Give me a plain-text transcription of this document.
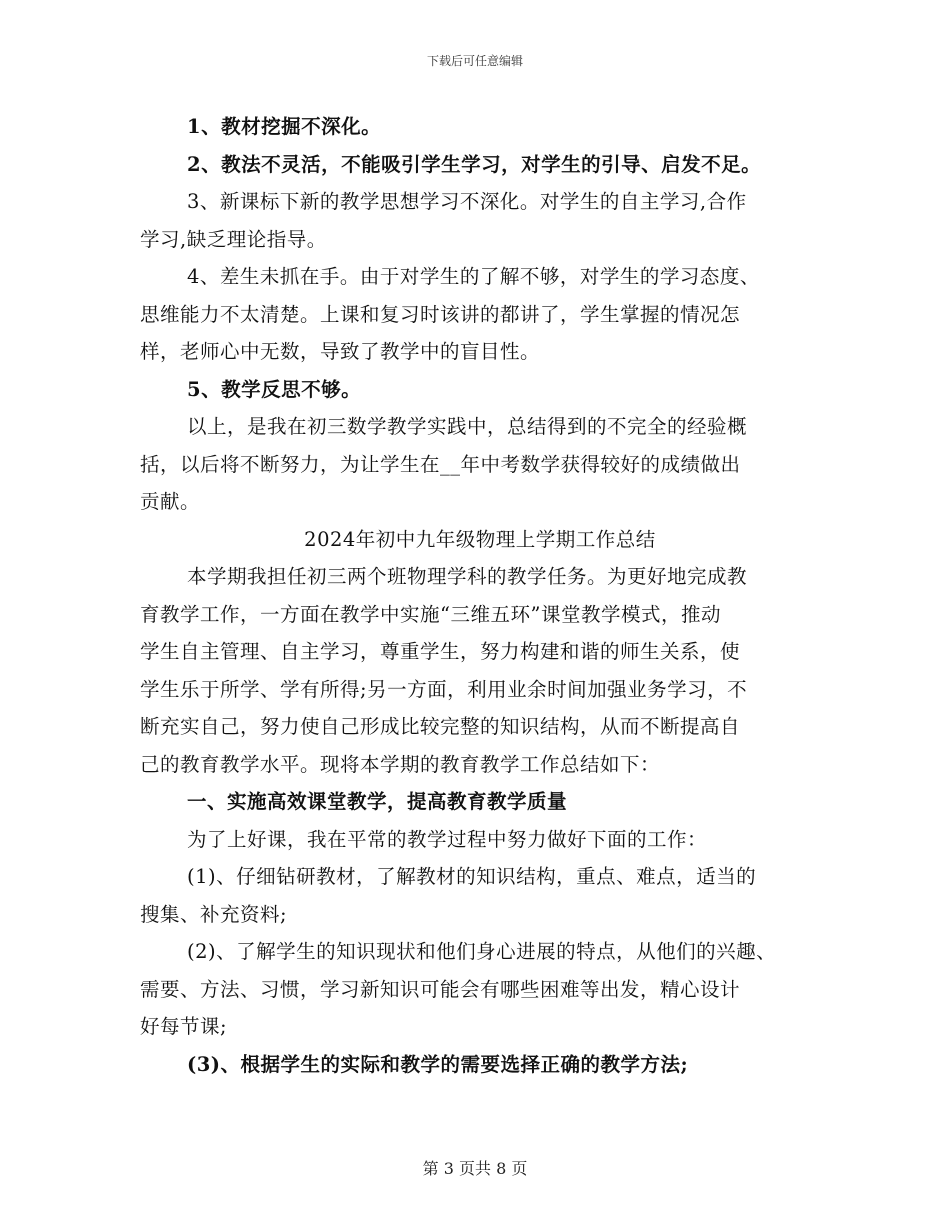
下载后可任意编辑
1、教材挖掘不深化。
2、教法不灵活，不能吸引学生学习，对学生的引导、启发不足。
3、新课标下新的教学思想学习不深化。对学生的自主学习,合作
学习,缺乏理论指导。
4、差生未抓在手。由于对学生的了解不够，对学生的学习态度、
思维能力不太清楚。上课和复习时该讲的都讲了，学生掌握的情况怎
样，老师心中无数，导致了教学中的盲目性。
5、教学反思不够。
以上，是我在初三数学教学实践中，总结得到的不完全的经验概
括，以后将不断努力，为让学生在__年中考数学获得较好的成绩做出
贡献。
2024年初中九年级物理上学期工作总结
本学期我担任初三两个班物理学科的教学任务。为更好地完成教
育教学工作，一方面在教学中实施“三维五环”课堂教学模式，推动
学生自主管理、自主学习，尊重学生，努力构建和谐的师生关系，使
学生乐于所学、学有所得;另一方面，利用业余时间加强业务学习，不
断充实自己，努力使自己形成比较完整的知识结构，从而不断提高自
己的教育教学水平。现将本学期的教育教学工作总结如下：
一、实施高效课堂教学，提高教育教学质量
为了上好课，我在平常的教学过程中努力做好下面的工作：
(1)、仔细钻研教材，了解教材的知识结构，重点、难点，适当的
搜集、补充资料;
(2)、了解学生的知识现状和他们身心进展的特点，从他们的兴趣、
需要、方法、习惯，学习新知识可能会有哪些困难等出发，精心设计
好每节课;
(3)、根据学生的实际和教学的需要选择正确的教学方法;
第 3 页共 8 页
